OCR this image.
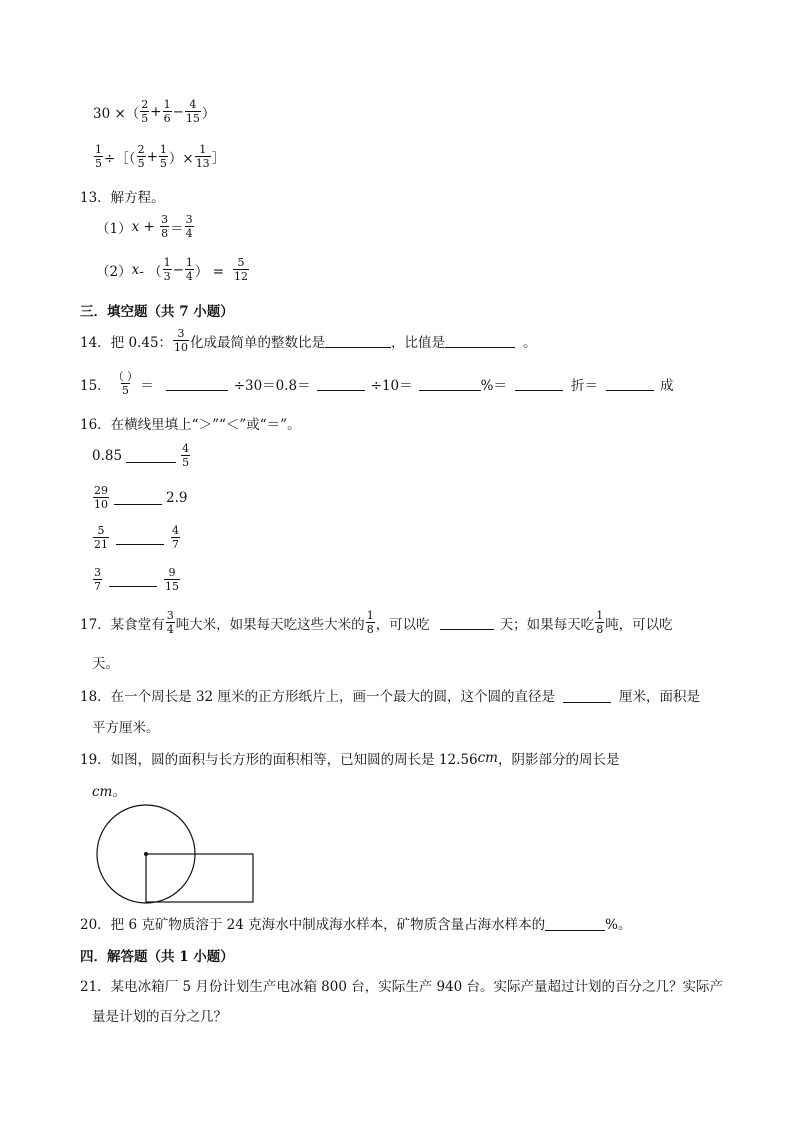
30 ×（ $\frac{2}{5} + \frac{1}{6} - \frac{4}{15}$ ）
$\frac{1}{5}$ ÷［（ $\frac{2}{5} + \frac{1}{5}$ ）× $\frac{1}{13}$ ］
13．解方程。
（1） $x + \frac{3}{8} = \frac{3}{4}$
（2） x - （ $\frac{1}{3} - \frac{1}{4}$ ） = $\frac{5}{12}$
三．填空题（共 7 小题）
14．把 0.45： $\frac{3}{10}$ 化成最简单的整数比是	，比值是	。
15． $\frac{( )}{5}$ ＝	÷30＝0.8＝	÷10＝	%＝	折＝	成
16．在横线里填上“＞”“＜”或“＝”。
0.85	$\frac{4}{5}$
$\frac{29}{10}$	2.9
$\frac{5}{21}$	$\frac{4}{7}$
$\frac{3}{7}$	$\frac{9}{15}$
17．某食堂有 $\frac{3}{4}$ 吨大米，如果每天吃这些大米的 $\frac{1}{8}$ ，可以吃	天；如果每天吃 $\frac{1}{8}$ 吨，可以吃
天。
18．在一个周长是 32 厘米的正方形纸片上，画一个最大的圆，这个圆的直径是	厘米，面积是
平方厘米。
19．如图，圆的面积与长方形的面积相等，已知圆的周长是 12.56 cm ，阴影部分的周长是
cm。
20．把 6 克矿物质溶于 24 克海水中制成海水样本，矿物质含量占海水样本的	%。
四．解答题（共 1 小题）
21．某电冰箱厂 5 月份计划生产电冰箱 800 台，实际生产 940 台。实际产量超过计划的百分之几？实际产
量是计划的百分之几？
